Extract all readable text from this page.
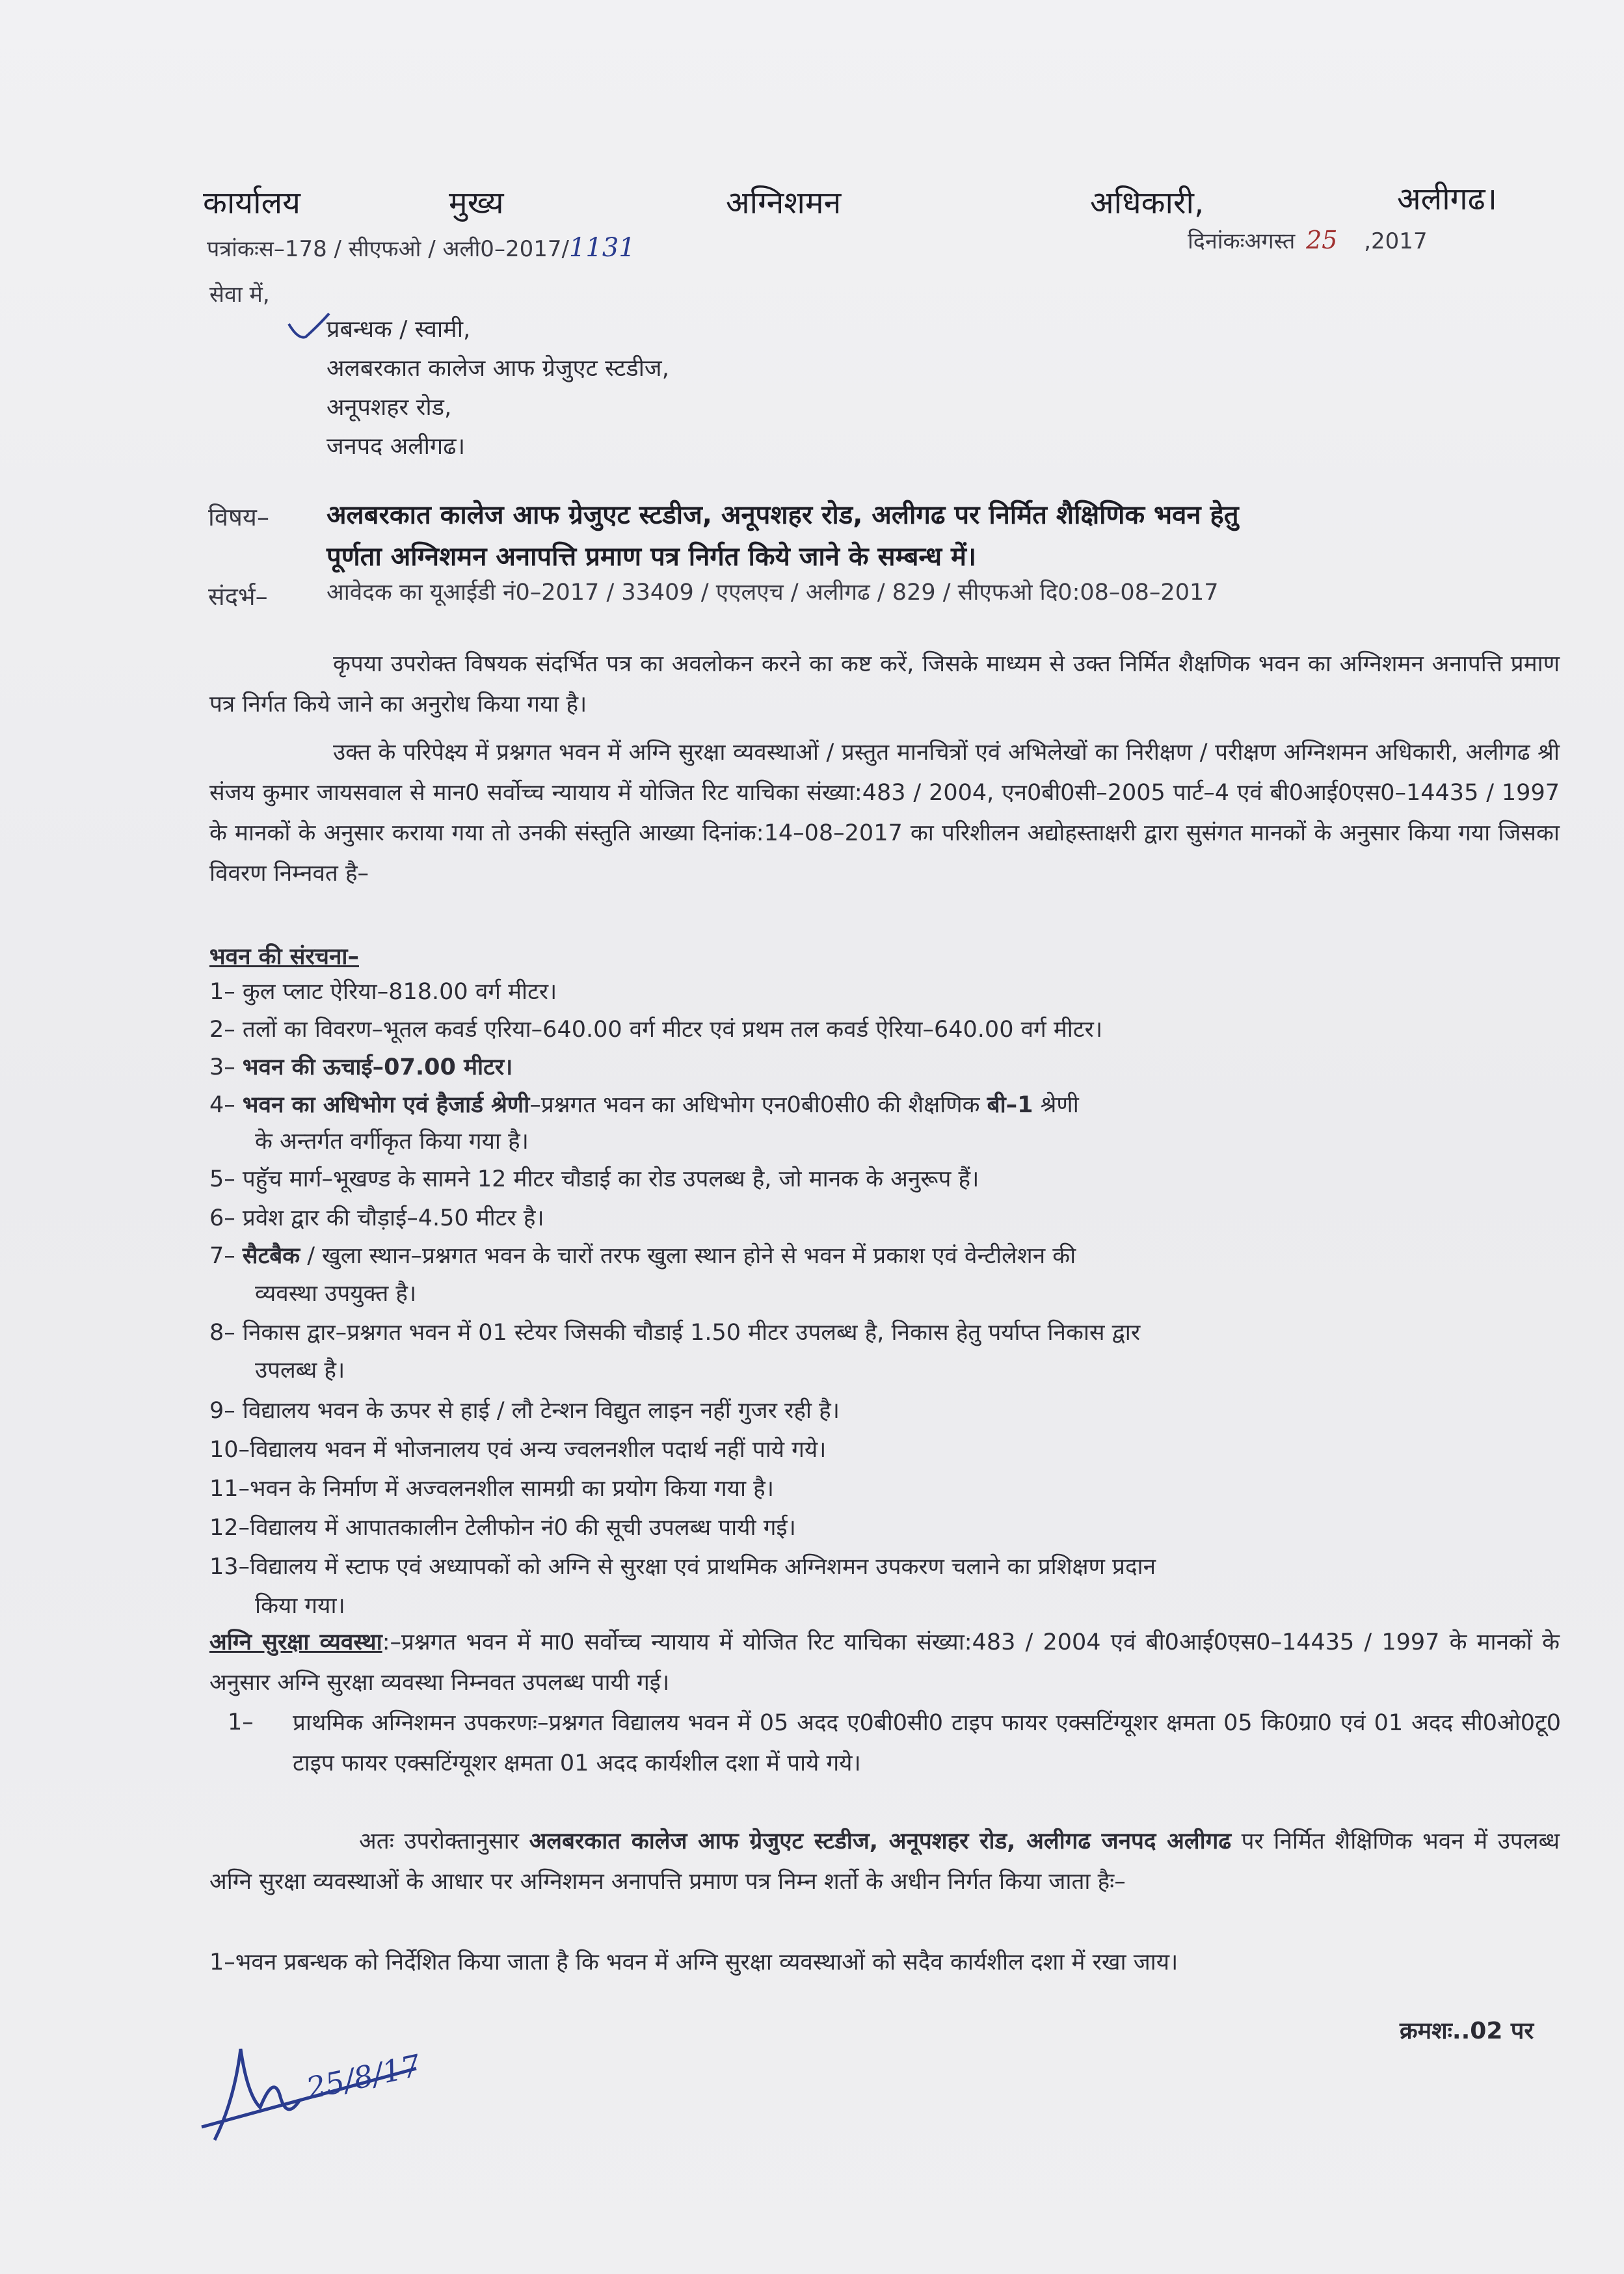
कार्यालय	मुख्य	अग्निशमन	अधिकारी,	अलीगढ।
पत्रांकःस–178 / सीएफओ / अली0–2017/1131	दिनांकःअगस्त 25 ,2017
सेवा में,
प्रबन्धक / स्वामी,
अलबरकात कालेज आफ ग्रेजुएट स्टडीज,
अनूपशहर रोड,
जनपद अलीगढ।
विषय– अलबरकात कालेज आफ ग्रेजुएट स्टडीज, अनूपशहर रोड, अलीगढ पर निर्मित शैक्षिणिक भवन हेतु
पूर्णता अग्निशमन अनापत्ति प्रमाण पत्र निर्गत किये जाने के सम्बन्ध में।
संदर्भ–	आवेदक का यूआईडी नं0–2017 / 33409 / एएलएच / अलीगढ / 829 / सीएफओ दि0:08–08–2017
कृपया उपरोक्त विषयक संदर्भित पत्र का अवलोकन करने का कष्ट करें, जिसके माध्यम से उक्त निर्मित शैक्षणिक भवन का अग्निशमन अनापत्ति प्रमाण पत्र निर्गत किये जाने का अनुरोध किया गया है।
उक्त के परिपेक्ष्य में प्रश्नगत भवन में अग्नि सुरक्षा व्यवस्थाओं / प्रस्तुत मानचित्रों एवं अभिलेखों का निरीक्षण / परीक्षण अग्निशमन अधिकारी, अलीगढ श्री संजय कुमार जायसवाल से मान0 सर्वोच्च न्यायाय में योजित रिट याचिका संख्या:483 / 2004, एन0बी0सी–2005 पार्ट–4 एवं बी0आई0एस0–14435 / 1997 के मानकों के अनुसार कराया गया तो उनकी संस्तुति आख्या दिनांक:14–08–2017 का परिशीलन अद्योहस्ताक्षरी द्वारा सुसंगत मानकों के अनुसार किया गया जिसका विवरण निम्नवत है–
भवन की संरचना–
1– कुल प्लाट ऐरिया–818.00 वर्ग मीटर।
2– तलों का विवरण–भूतल कवर्ड एरिया–640.00 वर्ग मीटर एवं प्रथम तल कवर्ड ऐरिया–640.00 वर्ग मीटर।
3– भवन की ऊचाई–07.00 मीटर।
4– भवन का अधिभोग एवं हैजार्ड श्रेणी–प्रश्नगत भवन का अधिभोग एन0बी0सी0 की शैक्षणिक बी–1 श्रेणी
के अन्तर्गत वर्गीकृत किया गया है।
5– पहुॅच मार्ग–भूखण्ड के सामने 12 मीटर चौडाई का रोड उपलब्ध है, जो मानक के अनुरूप हैं।
6– प्रवेश द्वार की चौड़ाई–4.50 मीटर है।
7– सैटबैक / खुला स्थान–प्रश्नगत भवन के चारों तरफ खुला स्थान होने से भवन में प्रकाश एवं वेन्टीलेशन की
व्यवस्था उपयुक्त है।
8– निकास द्वार–प्रश्नगत भवन में 01 स्टेयर जिसकी चौडाई 1.50 मीटर उपलब्ध है, निकास हेतु पर्याप्त निकास द्वार
उपलब्ध है।
9– विद्यालय भवन के ऊपर से हाई / लौ टेन्शन विद्युत लाइन नहीं गुजर रही है।
10–विद्यालय भवन में भोजनालय एवं अन्य ज्वलनशील पदार्थ नहीं पाये गये।
11–भवन के निर्माण में अज्वलनशील सामग्री का प्रयोग किया गया है।
12–विद्यालय में आपातकालीन टेलीफोन नं0 की सूची उपलब्ध पायी गई।
13–विद्यालय में स्टाफ एवं अध्यापकों को अग्नि से सुरक्षा एवं प्राथमिक अग्निशमन उपकरण चलाने का प्रशिक्षण प्रदान
किया गया।
अग्नि सुरक्षा व्यवस्था:–प्रश्नगत भवन में मा0 सर्वोच्च न्यायाय में योजित रिट याचिका संख्या:483 / 2004 एवं बी0आई0एस0–14435 / 1997 के मानकों के अनुसार अग्नि सुरक्षा व्यवस्था निम्नवत उपलब्ध पायी गई।
1– प्राथमिक अग्निशमन उपकरणः–प्रश्नगत विद्यालय भवन में 05 अदद ए0बी0सी0 टाइप फायर एक्सटिंग्यूशर क्षमता 05 कि0ग्रा0 एवं 01 अदद सी0ओ0टू0 टाइप फायर एक्सटिंग्यूशर क्षमता 01 अदद कार्यशील दशा में पाये गये।
अतः उपरोक्तानुसार अलबरकात कालेज आफ ग्रेजुएट स्टडीज, अनूपशहर रोड, अलीगढ जनपद अलीगढ पर निर्मित शैक्षिणिक भवन में उपलब्ध अग्नि सुरक्षा व्यवस्थाओं के आधार पर अग्निशमन अनापत्ति प्रमाण पत्र निम्न शर्तो के अधीन निर्गत किया जाता हैः–
1–भवन प्रबन्धक को निर्देशित किया जाता है कि भवन में अग्नि सुरक्षा व्यवस्थाओं को सदैव कार्यशील दशा में रखा जाय।
क्रमशः..02 पर
25/8/17
